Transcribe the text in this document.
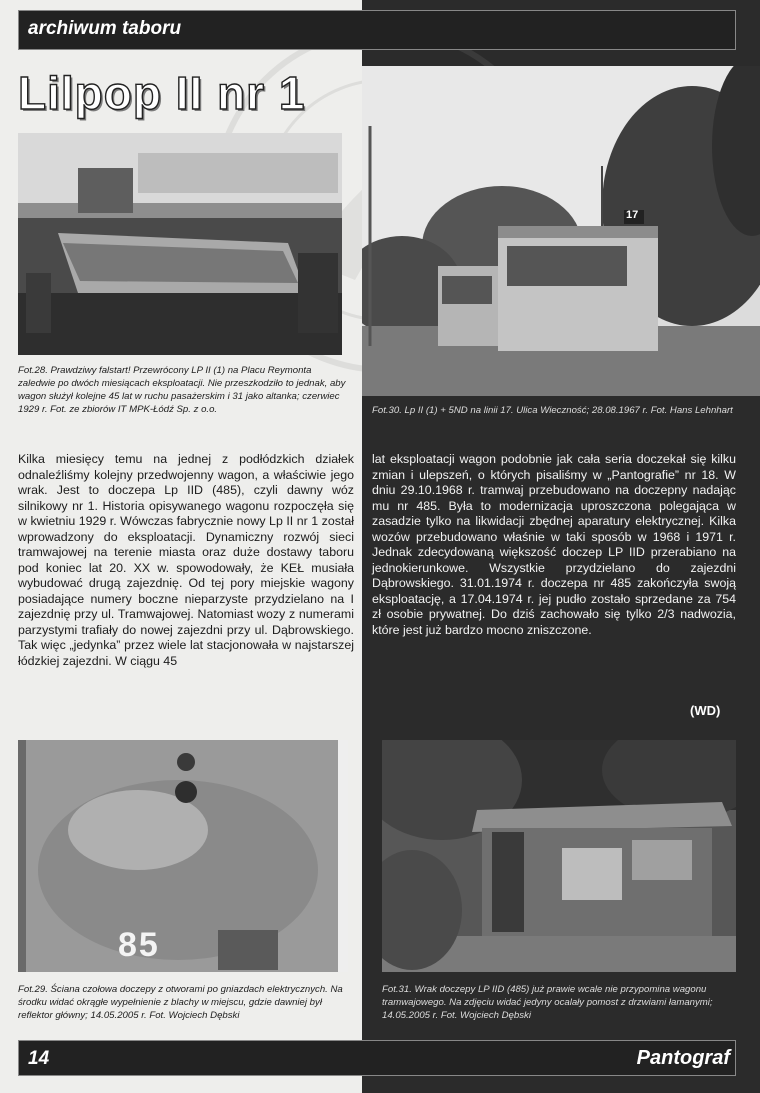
archiwum taboru
Lilpop II nr 1
Fot.28. Prawdziwy falstart! Przewrócony LP II (1) na Placu Reymonta zaledwie po dwóch miesiącach eksploatacji. Nie przeszkodziło to jednak, aby wagon służył kolejne 45 lat w ruchu pasażerskim i 31 jako altanka; czerwiec 1929 r. Fot. ze zbiorów IT MPK-Łódź Sp. z o.o.
17
Fot.30. Lp II (1) + 5ND na linii 17. Ulica Wieczność; 28.08.1967 r. Fot. Hans Lehnhart
Kilka miesięcy temu na jednej z podłódzkich działek odnaleźliśmy kolejny przedwojenny wagon, a właściwie jego wrak. Jest to doczepa Lp IID (485), czyli dawny wóz silnikowy nr 1. Historia opisywanego wagonu rozpoczęła się w kwietniu 1929 r. Wówczas fabrycznie nowy Lp II nr 1 został wprowadzony do eksploatacji. Dynamiczny rozwój sieci tramwajowej na terenie miasta oraz duże dostawy taboru pod koniec lat 20. XX w. spowodowały, że KEŁ musiała wybudować drugą zajezdnię. Od tej pory miejskie wagony posiadające numery boczne nieparzyste przydzielano na I zajezdnię przy ul. Tramwajowej. Natomiast wozy z numerami parzystymi trafiały do nowej zajezdni przy ul. Dąbrowskiego. Tak więc „jedynka” przez wiele lat stacjonowała w najstarszej łódzkiej zajezdni. W ciągu 45
lat eksploatacji wagon podobnie jak cała seria doczekał się kilku zmian i ulepszeń, o których pisaliśmy w „Pantografie” nr 18. W dniu 29.10.1968 r. tramwaj przebudowano na doczepny nadając mu nr 485. Była to modernizacja uproszczona polegająca w zasadzie tylko na likwidacji zbędnej aparatury elektrycznej. Kilka wozów przebudowano właśnie w taki sposób w 1968 i 1971 r. Jednak zdecydowaną większość doczep LP IID przerabiano na jednokierunkowe. Wszystkie przydzielano do zajezdni Dąbrowskiego. 31.01.1974 r. doczepa nr 485 zakończyła swoją eksploatację, a 17.04.1974 r. jej pudło zostało sprzedane za 754 zł osobie prywatnej. Do dziś zachowało się tylko 2/3 nadwozia, które jest już bardzo mocno zniszczone.
(WD)
85
Fot.29. Ściana czołowa doczepy z otworami po gniazdach elektrycznych. Na środku widać okrągłe wypełnienie z blachy w miejscu, gdzie dawniej był reflektor główny; 14.05.2005 r. Fot. Wojciech Dębski
Fot.31. Wrak doczepy LP IID (485) już prawie wcale nie przypomina wagonu tramwajowego. Na zdjęciu widać jedyny ocalały pomost z drzwiami łamanymi; 14.05.2005 r. Fot. Wojciech Dębski
14	Pantograf
